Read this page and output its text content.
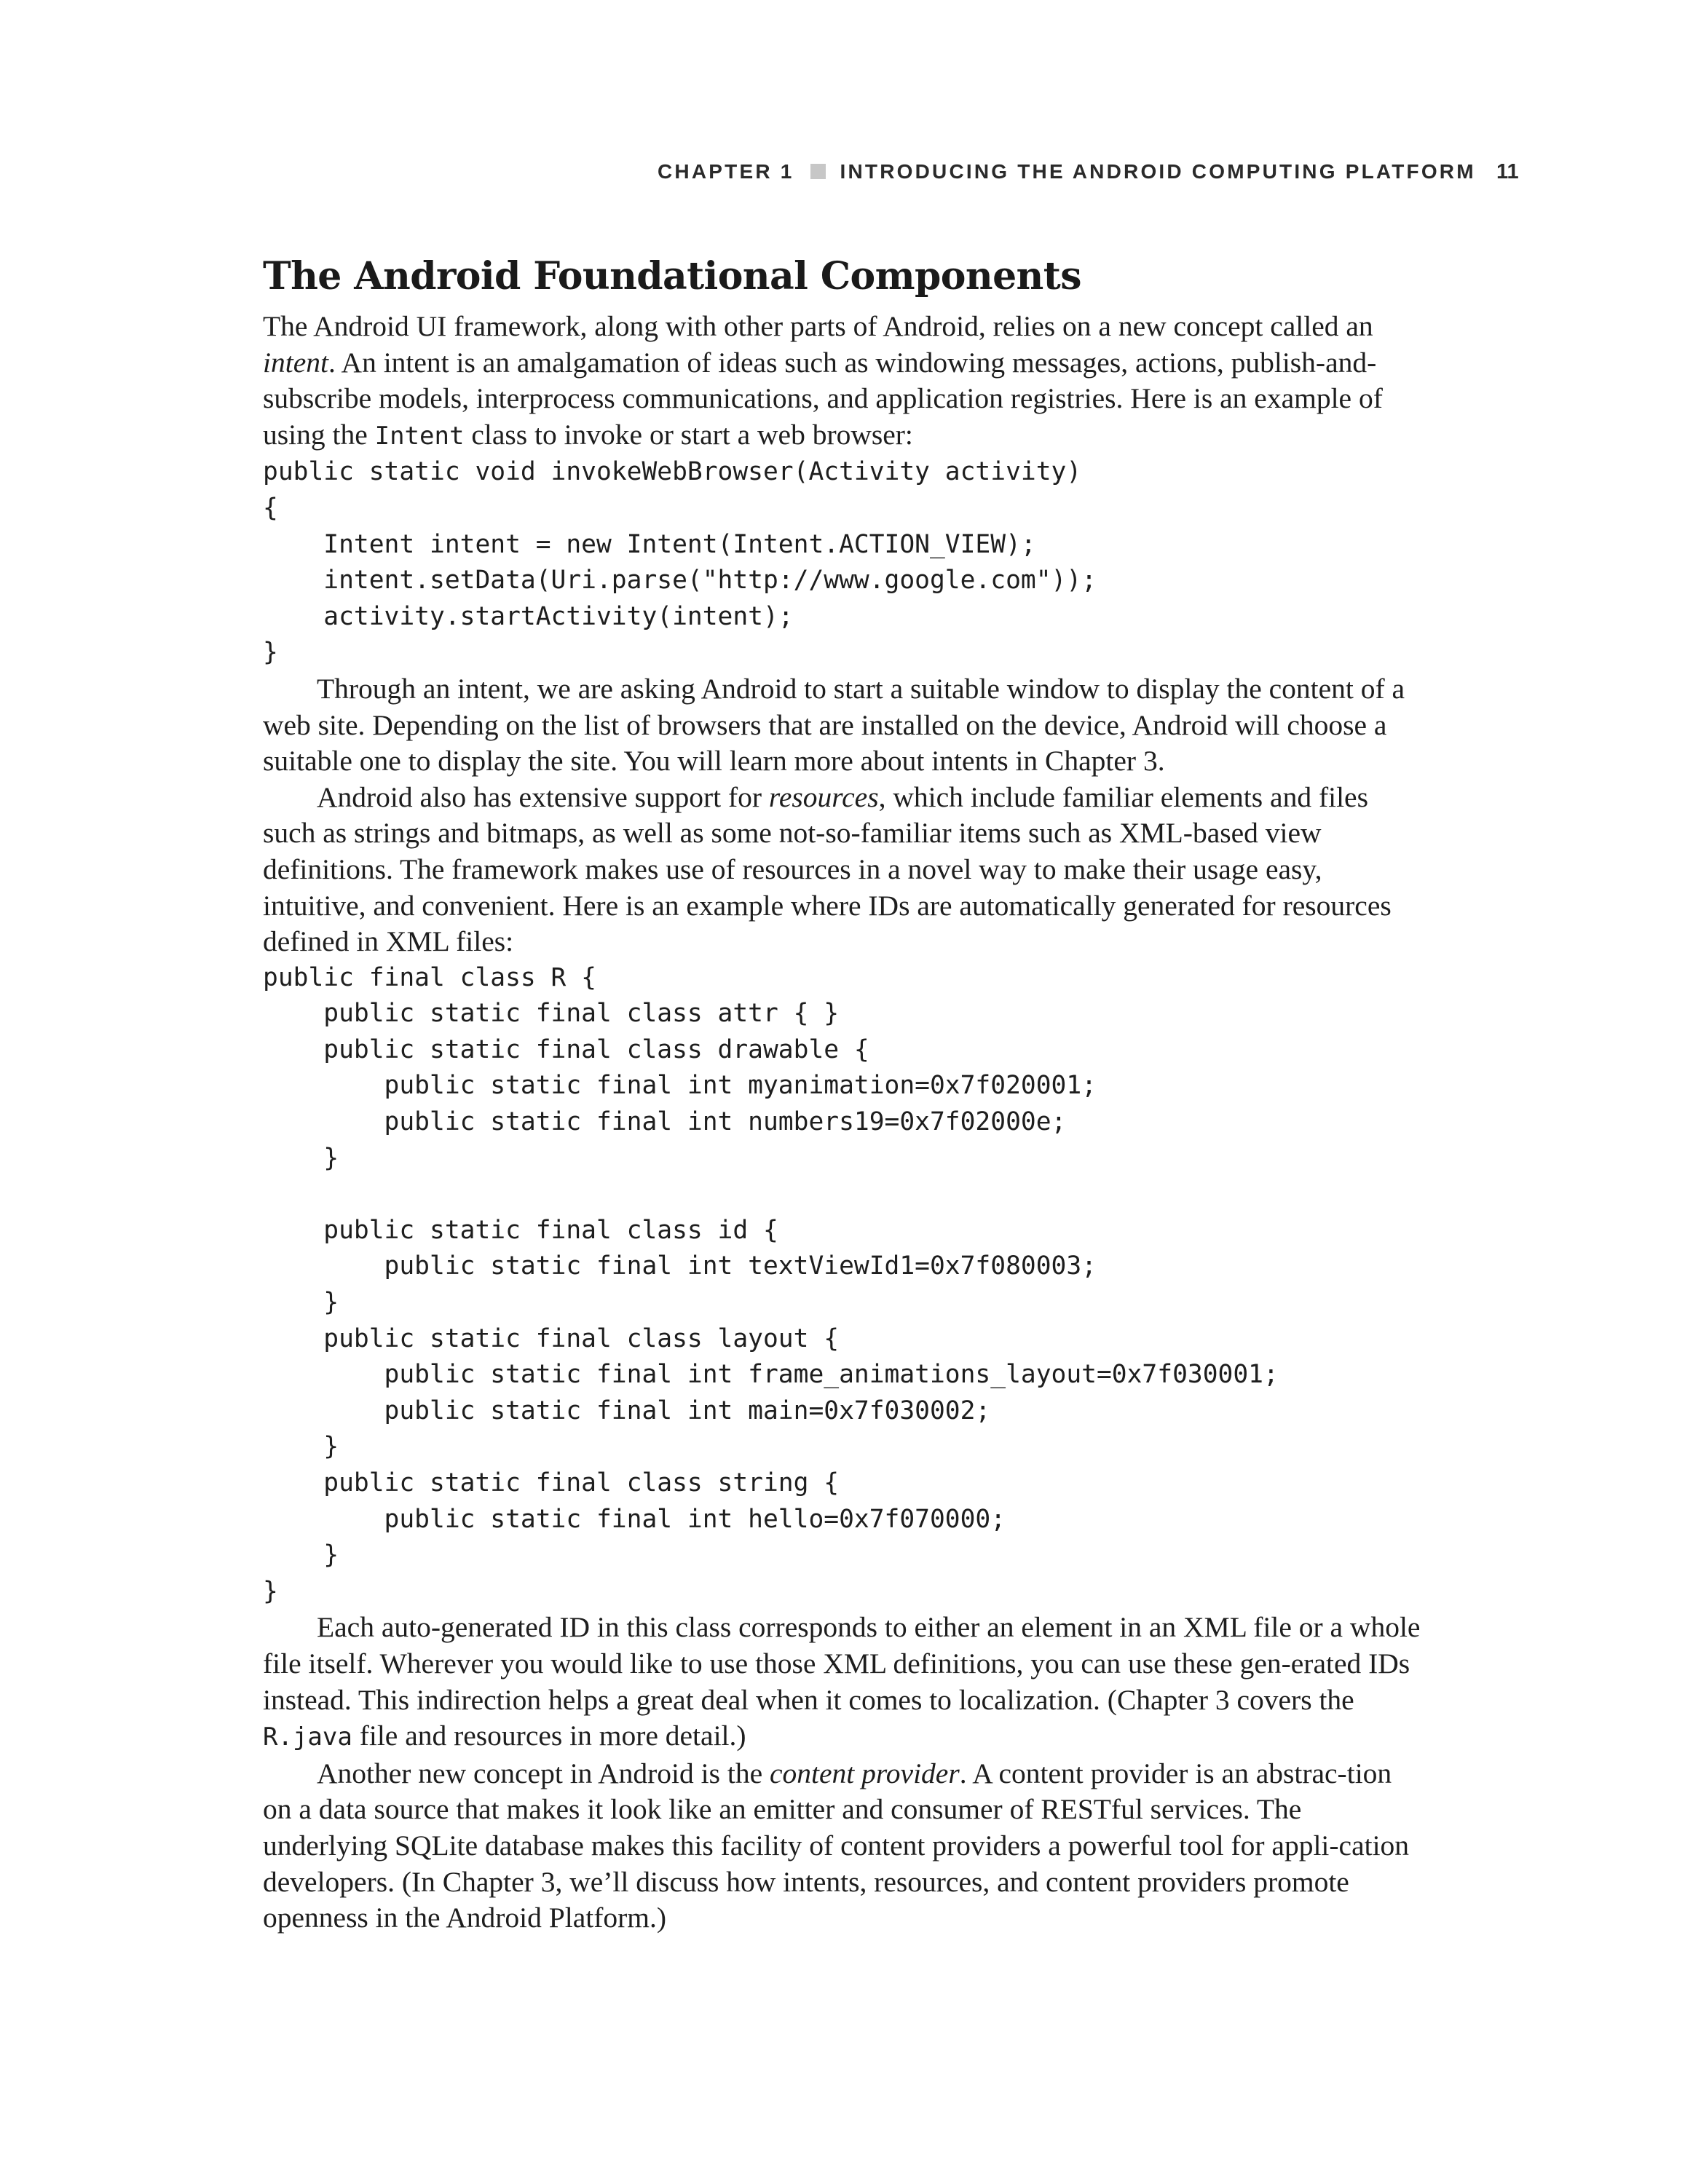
CHAPTER 1 INTRODUCING THE ANDROID COMPUTING PLATFORM 11
The Android Foundational Components

The Android UI framework, along with other parts of Android, relies on a new concept called an intent. An intent is an amalgamation of ideas such as windowing messages, actions, publish-and-subscribe models, interprocess communications, and application registries. Here is an example of using the Intent class to invoke or start a web browser:

public static void invokeWebBrowser(Activity activity)
{
Intent intent = new Intent(Intent.ACTION_VIEW);
intent.setData(Uri.parse("http://www.google.com"));
activity.startActivity(intent);
}

Through an intent, we are asking Android to start a suitable window to display the content of a web site. Depending on the list of browsers that are installed on the device, Android will choose a suitable one to display the site. You will learn more about intents in Chapter 3.

Android also has extensive support for resources, which include familiar elements and files such as strings and bitmaps, as well as some not-so-familiar items such as XML-based view definitions. The framework makes use of resources in a novel way to make their usage easy, intuitive, and convenient. Here is an example where IDs are automatically generated for resources defined in XML files:

public final class R {
public static final class attr { }
public static final class drawable {
public static final int myanimation=0x7f020001;
public static final int numbers19=0x7f02000e;
}

public static final class id {
public static final int textViewId1=0x7f080003;
}
public static final class layout {
public static final int frame_animations_layout=0x7f030001;
public static final int main=0x7f030002;
}
public static final class string {
public static final int hello=0x7f070000;
}
}

Each auto-generated ID in this class corresponds to either an element in an XML file or a whole file itself. Wherever you would like to use those XML definitions, you can use these gen-erated IDs instead. This indirection helps a great deal when it comes to localization. (Chapter 3 covers the R.java file and resources in more detail.)

Another new concept in Android is the content provider. A content provider is an abstrac-tion on a data source that makes it look like an emitter and consumer of RESTful services. The underlying SQLite database makes this facility of content providers a powerful tool for appli-cation developers. (In Chapter 3, we’ll discuss how intents, resources, and content providers promote openness in the Android Platform.)
